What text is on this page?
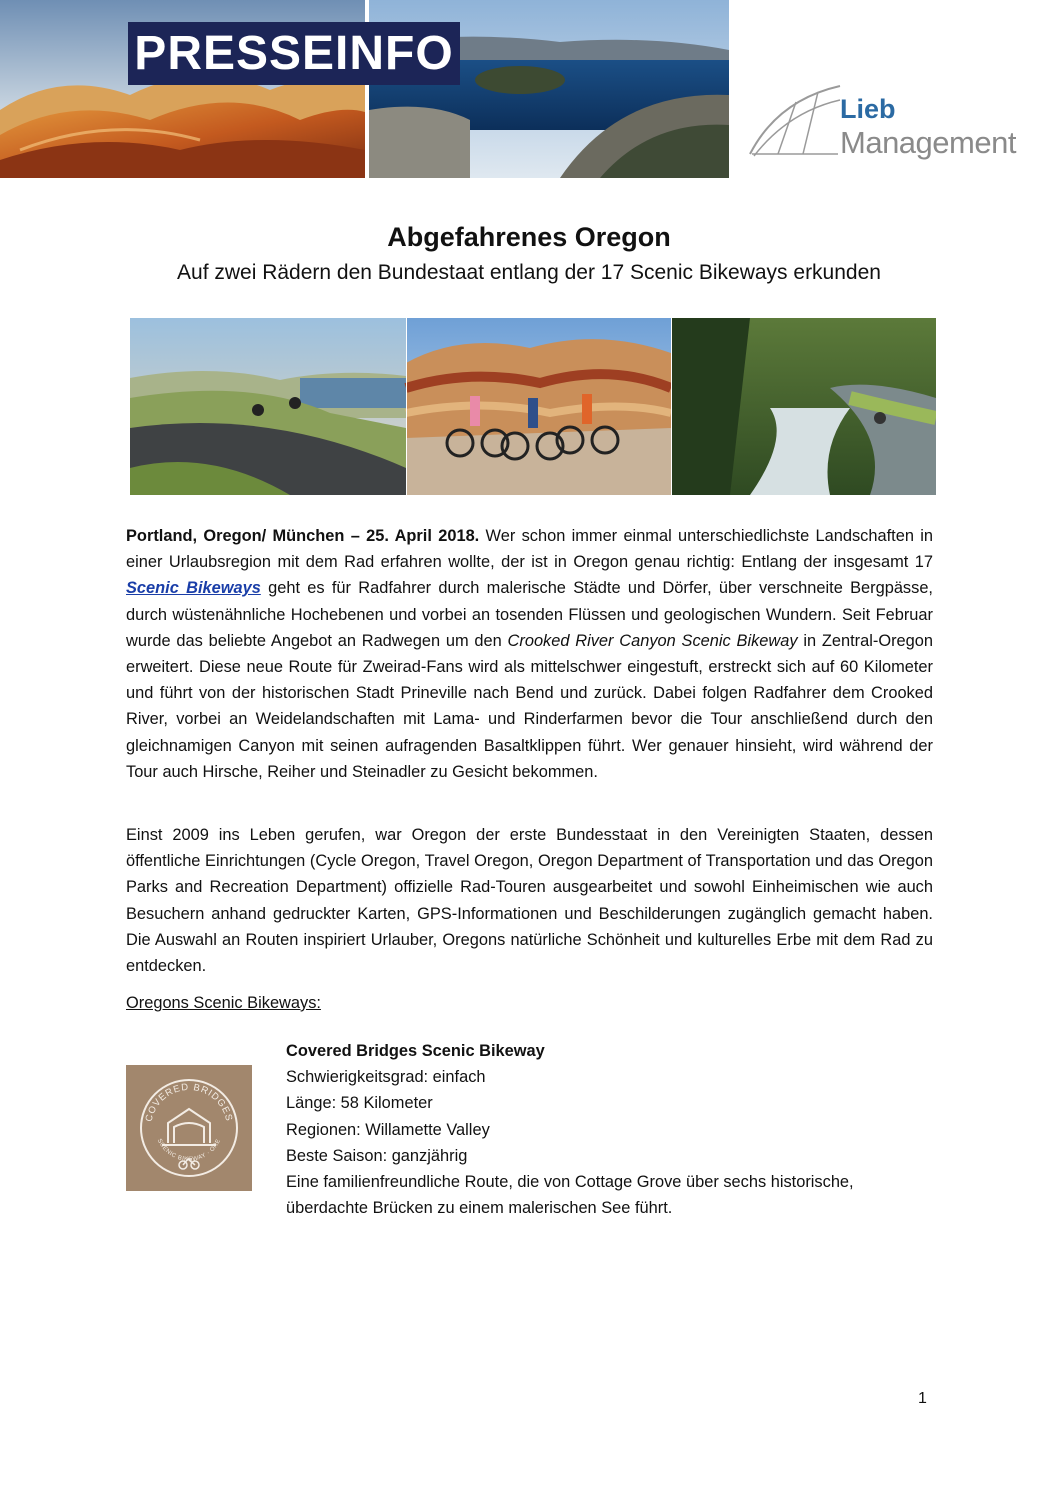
PRESSEINFO
Lieb
Management
Abgefahrenes Oregon
Auf zwei Rädern den Bundestaat entlang der 17 Scenic Bikeways erkunden
Portland, Oregon/ München – 25. April 2018. Wer schon immer einmal unterschiedlichste Landschaften in einer Urlaubsregion mit dem Rad erfahren wollte, der ist in Oregon genau richtig: Entlang der insgesamt 17 Scenic Bikeways geht es für Radfahrer durch malerische Städte und Dörfer, über verschneite Bergpässe, durch wüstenähnliche Hochebenen und vorbei an tosenden Flüssen und geologischen Wundern. Seit Februar wurde das beliebte Angebot an Radwegen um den Crooked River Canyon Scenic Bikeway in Zentral-Oregon erweitert. Diese neue Route für Zweirad-Fans wird als mittelschwer eingestuft, erstreckt sich auf 60 Kilometer und führt von der historischen Stadt Prineville nach Bend und zurück. Dabei folgen Radfahrer dem Crooked River, vorbei an Weidelandschaften mit Lama- und Rinderfarmen bevor die Tour anschließend durch den gleichnamigen Canyon mit seinen aufragenden Basaltklippen führt. Wer genauer hinsieht, wird während der Tour auch Hirsche, Reiher und Steinadler zu Gesicht bekommen.
Einst 2009 ins Leben gerufen, war Oregon der erste Bundesstaat in den Vereinigten Staaten, dessen öffentliche Einrichtungen (Cycle Oregon, Travel Oregon, Oregon Department of Transportation und das Oregon Parks and Recreation Department) offizielle Rad-Touren ausgearbeitet und sowohl Einheimischen wie auch Besuchern anhand gedruckter Karten, GPS-Informationen und Beschilderungen zugänglich gemacht haben. Die Auswahl an Routen inspiriert Urlauber, Oregons natürliche Schönheit und kulturelles Erbe mit dem Rad zu entdecken.
Oregons Scenic Bikeways:
COVERED BRIDGES
SCENIC BIKEWAY · ORE
Covered Bridges Scenic Bikeway
Schwierigkeitsgrad: einfach
Länge: 58 Kilometer
Regionen: Willamette Valley
Beste Saison: ganzjährig
Eine familienfreundliche Route, die von Cottage Grove über sechs historische,
überdachte Brücken zu einem malerischen See führt.
1
